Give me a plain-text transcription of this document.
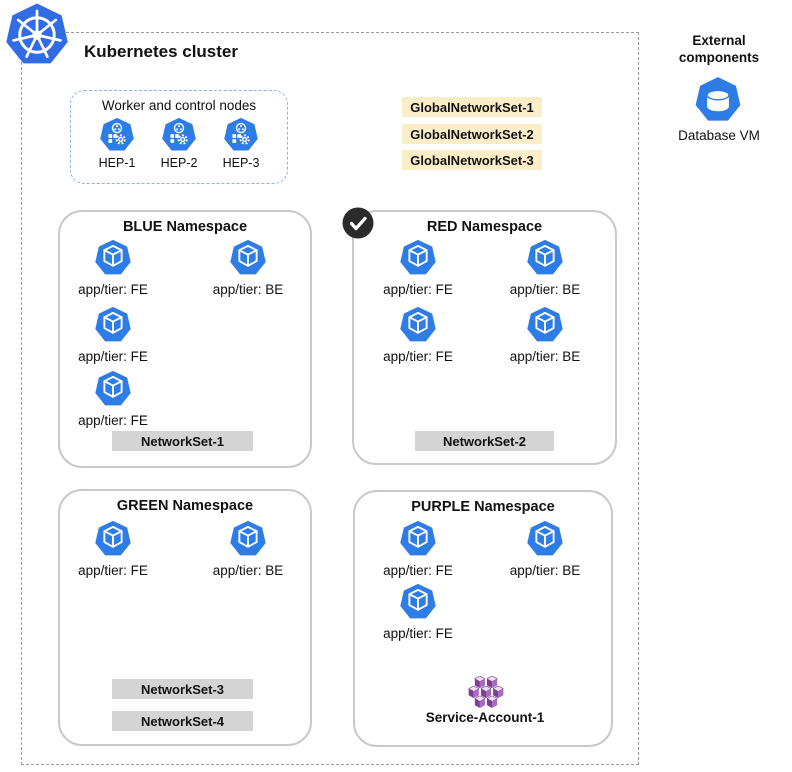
Kubernetes cluster
Worker and control nodes
HEP-1 HEP-2 HEP-3
GlobalNetworkSet-1
GlobalNetworkSet-2
GlobalNetworkSet-3
BLUE Namespace	RED Namespace
GREEN Namespace	PURPLE Namespace
app/tier: FE	app/tier: BE
app/tier: FE
app/tier: FE
app/tier: FE	app/tier: BE
app/tier: FE	app/tier: BE
app/tier: FE	app/tier: BE	app/tier: FE	app/tier: BE
app/tier: FE
NetworkSet-1	NetworkSet-2
NetworkSet-3
NetworkSet-4	Service-Account-1
External components
Database VM
